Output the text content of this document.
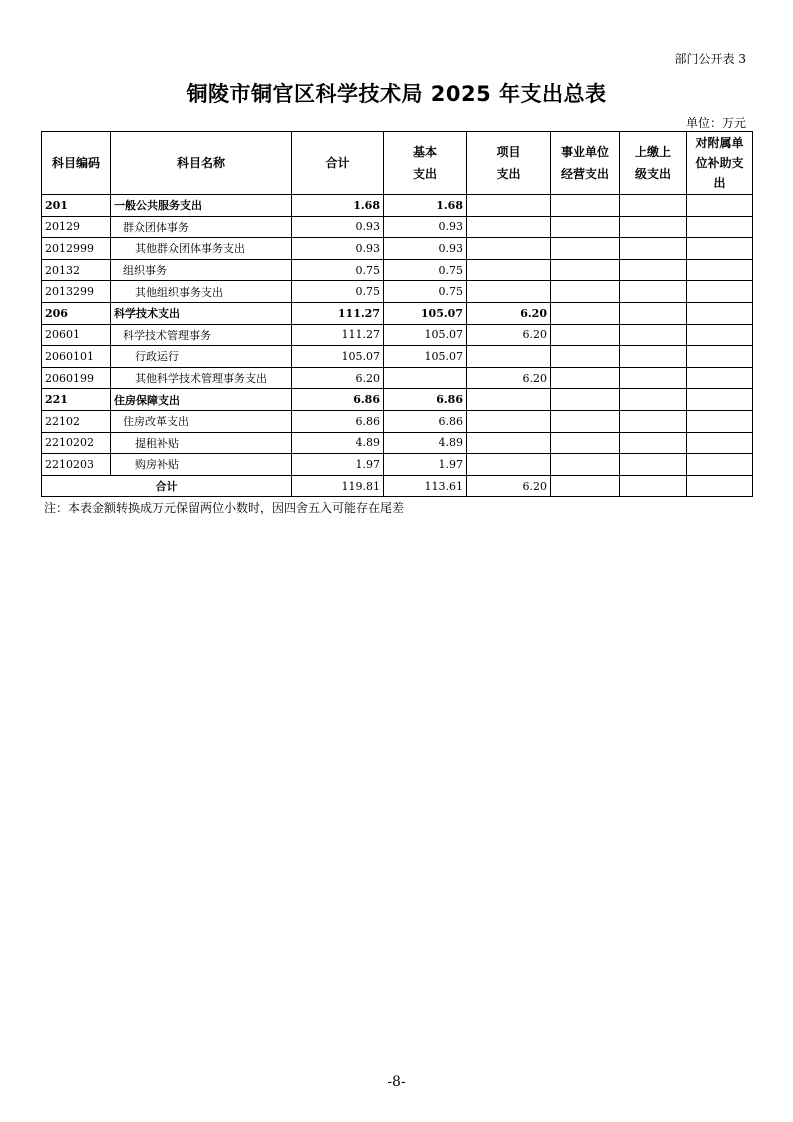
部门公开表 3
铜陵市铜官区科学技术局 2025 年支出总表
单位：万元
科目编码	科目名称	合计	基本支出	项目支出	事业单位经营支出	上缴上级支出	对附属单位补助支出

201	一般公共服务支出	1.68	1.68				
20129	群众团体事务	0.93	0.93				
2012999	其他群众团体事务支出	0.93	0.93				
20132	组织事务	0.75	0.75				
2013299	其他组织事务支出	0.75	0.75				
206	科学技术支出	111.27	105.07	6.20			
20601	科学技术管理事务	111.27	105.07	6.20			
2060101	行政运行	105.07	105.07				
2060199	其他科学技术管理事务支出	6.20		6.20			
221	住房保障支出	6.86	6.86				
22102	住房改革支出	6.86	6.86				
2210202	提租补贴	4.89	4.89				
2210203	购房补贴	1.97	1.97				
合计		119.81	113.61	6.20			
注：本表金额转换成万元保留两位小数时，因四舍五入可能存在尾差
-8-
